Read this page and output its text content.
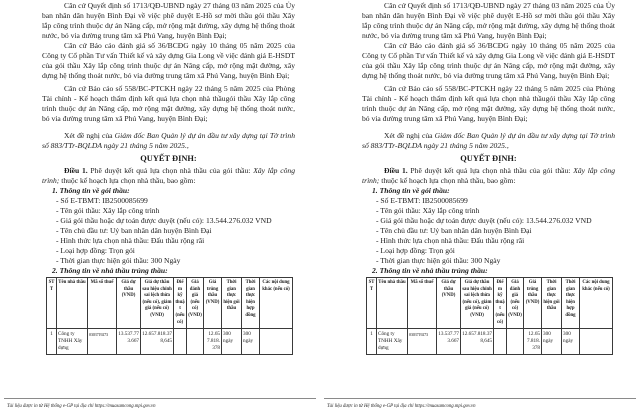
Căn cứ Quyết định số 1713/QĐ-UBND ngày 27 tháng 03 năm 2025 của Ủy ban nhân dân huyện Bình Đại về việc phê duyệt E-Hồ sơ mời thầu gói thầu Xây lắp công trình thuộc dự án Nâng cấp, mở rộng mặt đường, xây dựng hệ thống thoát nước, bó vỉa đường trung tâm xã Phú Vang, huyện Bình Đại;

Căn cứ Báo cáo đánh giá số 36/BCĐG ngày 10 tháng 05 năm 2025 của Công ty Cổ phần Tư vấn Thiết kế và xây dựng Gia Long về việc đánh giá E-HSDT của gói thầu Xây lắp công trình thuộc dự án Nâng cấp, mở rộng mặt đường, xây dựng hệ thống thoát nước, bó vỉa đường trung tâm xã Phú Vang, huyện Bình Đại;

Căn cứ Báo cáo số 558/BC-PTCKH ngày 22 tháng 5 năm 2025 của Phòng Tài chính - Kế hoạch thẩm định kết quả lựa chọn nhà thầugói thầu Xây lắp công trình thuộc dự án Nâng cấp, mở rộng mặt đường, xây dựng hệ thống thoát nước, bó vỉa đường trung tâm xã Phú Vang, huyện Bình Đại;

Xét đề nghị của Giám đốc Ban Quản lý dự án đầu tư xây dựng tại Tờ trình số 883/TTr-BQLDA ngày 21 tháng 5 năm 2025.,

QUYẾT ĐỊNH:

Điều 1. Phê duyệt kết quả lựa chọn nhà thầu của gói thầu: Xây lắp công trình; thuộc kế hoạch lựa chọn nhà thầu, bao gồm:

1. Thông tin về gói thầu:

- Số E-TBMT: IB2500085699
- Tên gói thầu: Xây lắp công trình
- Giá gói thầu hoặc dự toán được duyệt (nếu có): 13.544.276.032 VND
- Tên chủ đầu tư: Uỷ ban nhân dân huyện Bình Đại
- Hình thức lựa chọn nhà thầu: Đấu thầu rộng rãi
- Loại hợp đồng: Trọn gói
- Thời gian thực hiện gói thầu: 300 Ngày

2. Thông tin về nhà thầu trúng thầu:

STT	Tên nhà thầu	Mã số thuế	Giá dự thầu (VND)	Giá dự thầu sau hiệu chỉnh sai lệch thừa (nếu có), giảm giá (nếu có) (VND)	Điểm kỹ thuật (nếu có)	Giá đánh giá (nếu có) (VND)	Giá trúng thầu (VND)	Thời gian thực hiện gói thầu	Thời gian thực hiện hợp đồng	Các nội dung khác (nếu có)
1	Công ty TNHH Xây dựng	0303719273	13.537.773.667	12.657.818.378,645			12.657.818.378	300 ngày	300 ngày	
Tài liệu được in từ Hệ thống e-GP tại địa chỉ https://muasamcong.mpi.gov.vn

Căn cứ Quyết định số 1713/QĐ-UBND ngày 27 tháng 03 năm 2025 của Ủy ban nhân dân huyện Bình Đại về việc phê duyệt E-Hồ sơ mời thầu gói thầu Xây lắp công trình thuộc dự án Nâng cấp, mở rộng mặt đường, xây dựng hệ thống thoát nước, bó vỉa đường trung tâm xã Phú Vang, huyện Bình Đại;

Căn cứ Báo cáo đánh giá số 36/BCĐG ngày 10 tháng 05 năm 2025 của Công ty Cổ phần Tư vấn Thiết kế và xây dựng Gia Long về việc đánh giá E-HSDT của gói thầu Xây lắp công trình thuộc dự án Nâng cấp, mở rộng mặt đường, xây dựng hệ thống thoát nước, bó vỉa đường trung tâm xã Phú Vang, huyện Bình Đại;

Căn cứ Báo cáo số 558/BC-PTCKH ngày 22 tháng 5 năm 2025 của Phòng Tài chính - Kế hoạch thẩm định kết quả lựa chọn nhà thầugói thầu Xây lắp công trình thuộc dự án Nâng cấp, mở rộng mặt đường, xây dựng hệ thống thoát nước, bó vỉa đường trung tâm xã Phú Vang, huyện Bình Đại;

Xét đề nghị của Giám đốc Ban Quản lý dự án đầu tư xây dựng tại Tờ trình số 883/TTr-BQLDA ngày 21 tháng 5 năm 2025.,

QUYẾT ĐỊNH:

Điều 1. Phê duyệt kết quả lựa chọn nhà thầu của gói thầu: Xây lắp công trình; thuộc kế hoạch lựa chọn nhà thầu, bao gồm:

1. Thông tin về gói thầu:

- Số E-TBMT: IB2500085699
- Tên gói thầu: Xây lắp công trình
- Giá gói thầu hoặc dự toán được duyệt (nếu có): 13.544.276.032 VND
- Tên chủ đầu tư: Uỷ ban nhân dân huyện Bình Đại
- Hình thức lựa chọn nhà thầu: Đấu thầu rộng rãi
- Loại hợp đồng: Trọn gói
- Thời gian thực hiện gói thầu: 300 Ngày

2. Thông tin về nhà thầu trúng thầu:

STT	Tên nhà thầu	Mã số thuế	Giá dự thầu (VND)	Giá dự thầu sau hiệu chỉnh sai lệch thừa (nếu có), giảm giá (nếu có) (VND)	Điểm kỹ thuật (nếu có)	Giá đánh giá (nếu có) (VND)	Giá trúng thầu (VND)	Thời gian thực hiện gói thầu	Thời gian thực hiện hợp đồng	Các nội dung khác (nếu có)
1	Công ty TNHH Xây dựng	0303719273	13.537.773.667	12.657.818.378,645			12.657.818.378	300 ngày	300 ngày	
Tài liệu được in từ Hệ thống e-GP tại địa chỉ https://muasamcong.mpi.gov.vn
